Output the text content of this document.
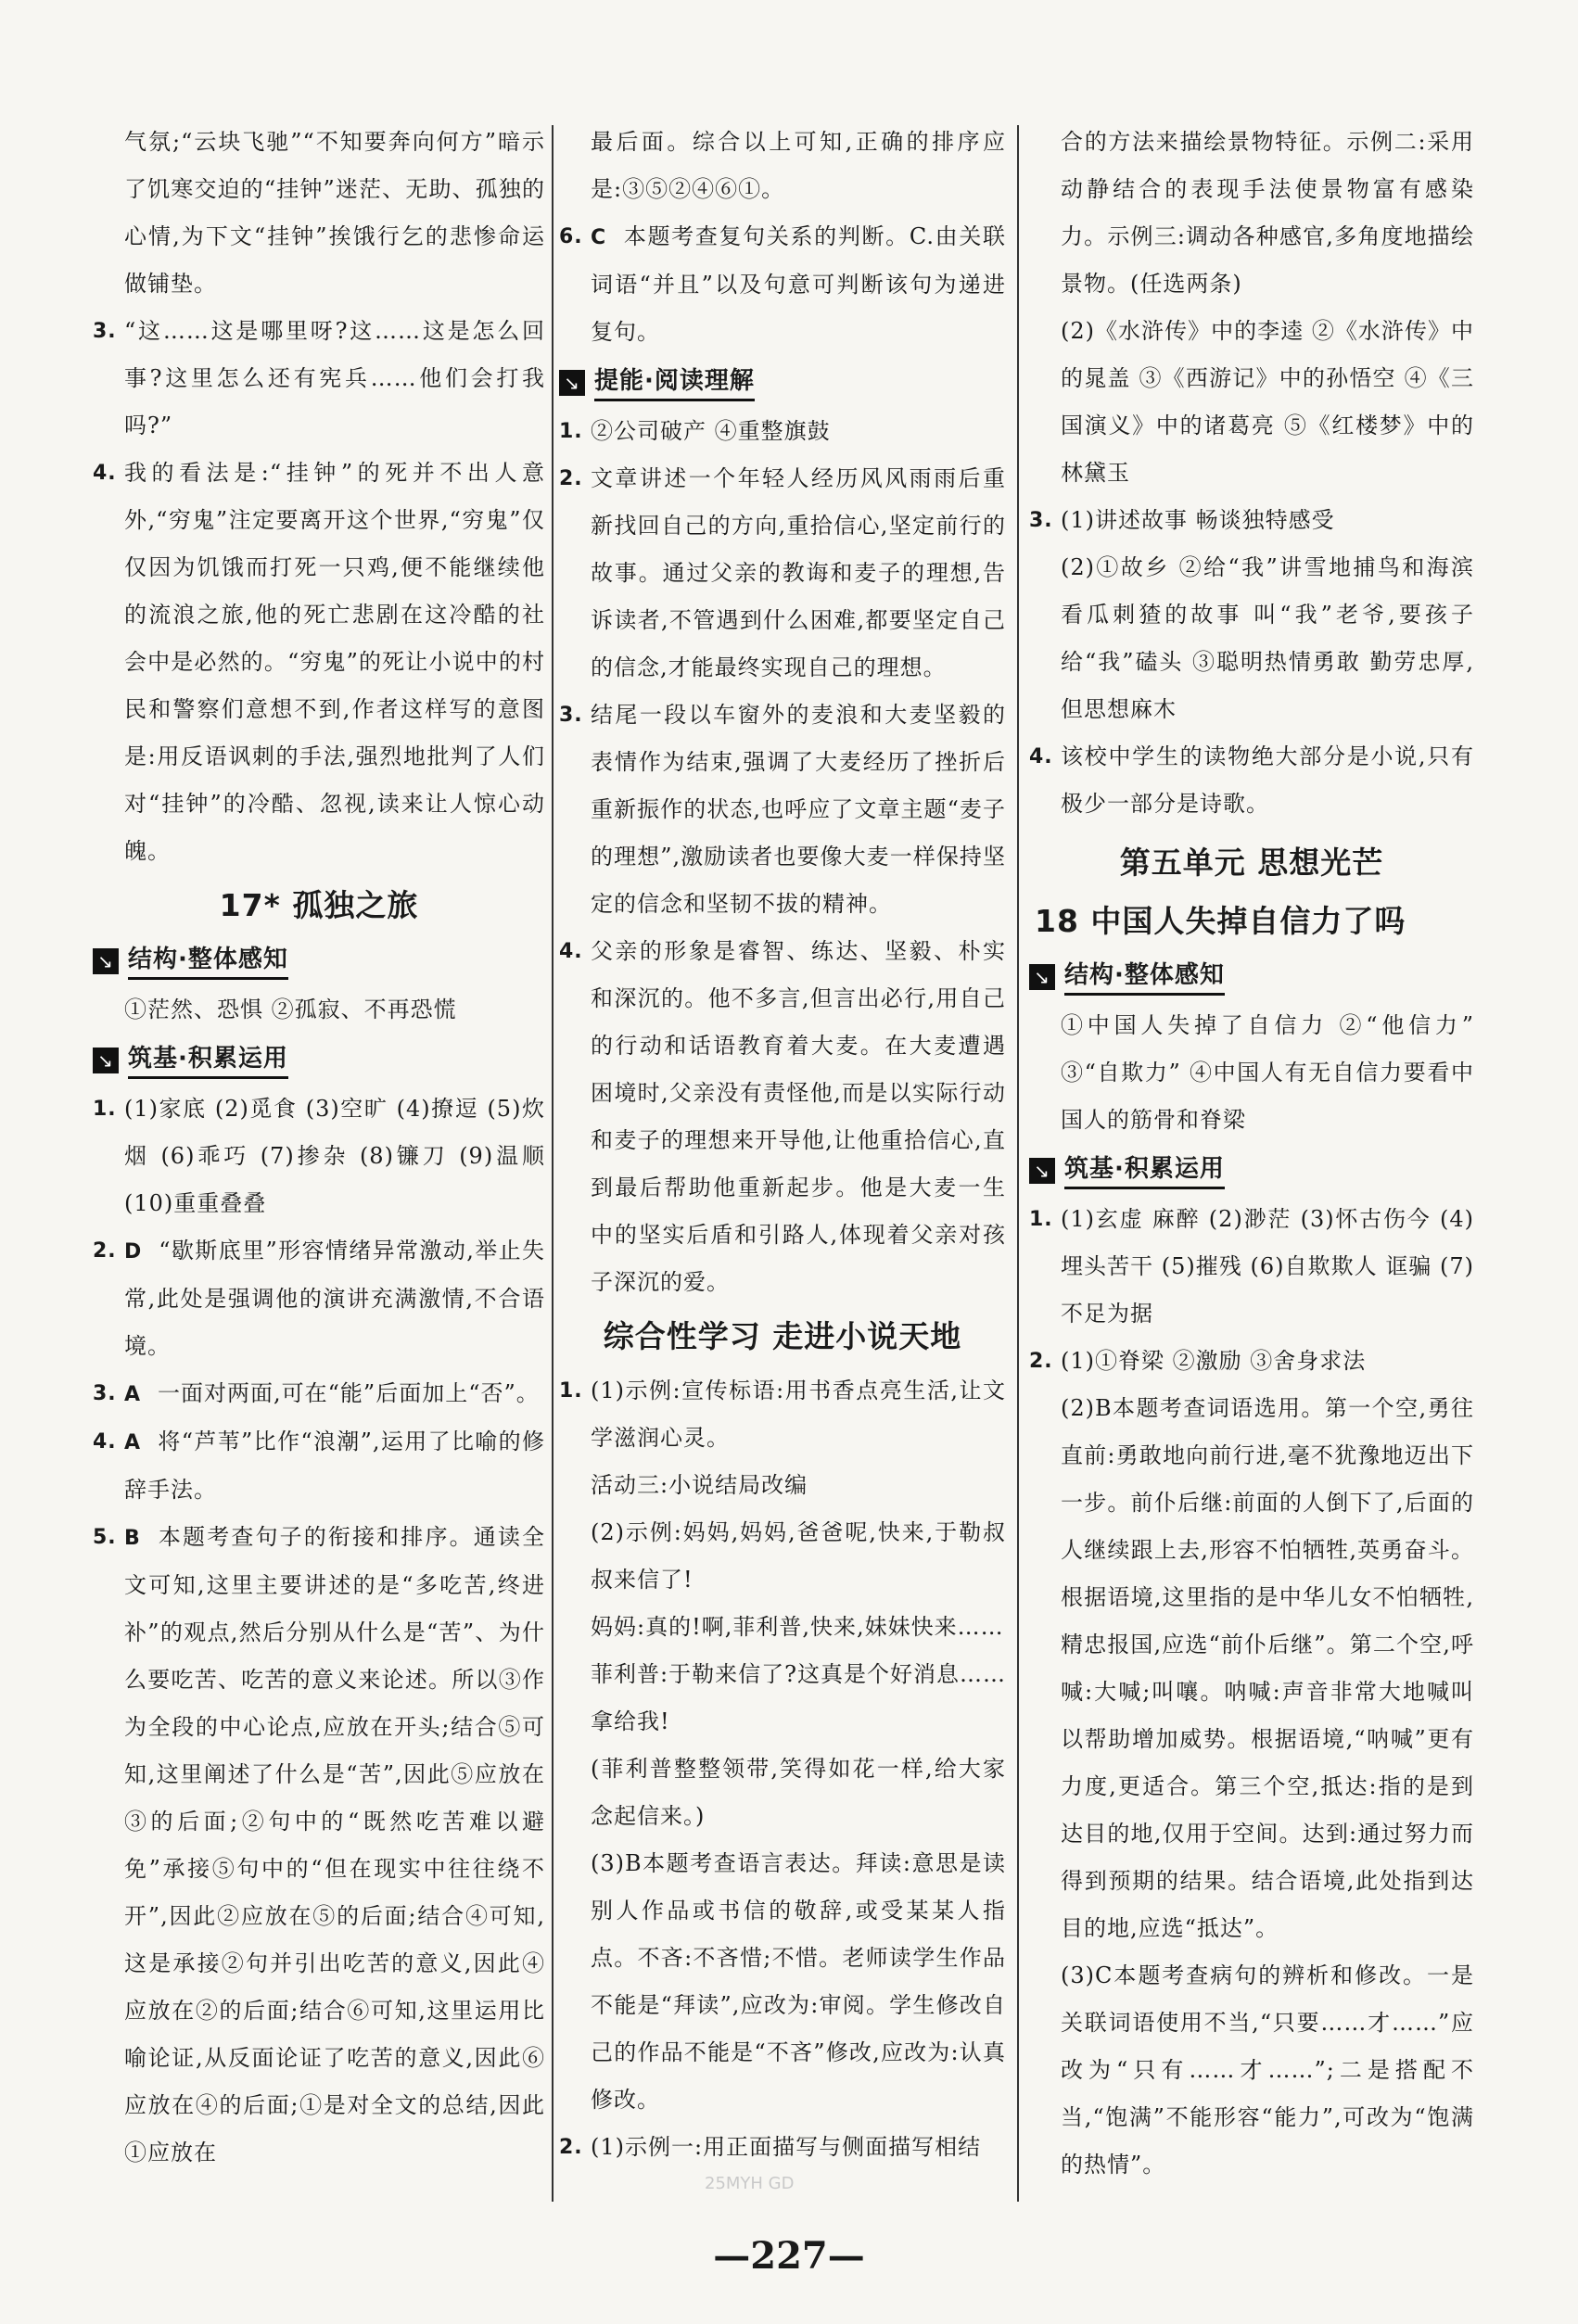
气氛;“云块飞驰”“不知要奔向何方”暗示了饥寒交迫的“挂钟”迷茫、无助、孤独的心情,为下文“挂钟”挨饿行乞的悲惨命运做铺垫。
3. “这……这是哪里呀?这……这是怎么回事?这里怎么还有宪兵……他们会打我吗?”
4. 我的看法是:“挂钟”的死并不出人意外,“穷鬼”注定要离开这个世界,“穷鬼”仅仅因为饥饿而打死一只鸡,便不能继续他的流浪之旅,他的死亡悲剧在这冷酷的社会中是必然的。“穷鬼”的死让小说中的村民和警察们意想不到,作者这样写的意图是:用反语讽刺的手法,强烈地批判了人们对“挂钟”的冷酷、忽视,读来让人惊心动魄。
17* 孤独之旅
↘ 结构·整体感知
①茫然、恐惧 ②孤寂、不再恐慌
↘ 筑基·积累运用
1. (1)家底 (2)觅食 (3)空旷 (4)撩逗 (5)炊烟 (6)乖巧 (7)掺杂 (8)镰刀 (9)温顺 (10)重重叠叠
2. D “歇斯底里”形容情绪异常激动,举止失常,此处是强调他的演讲充满激情,不合语境。
3. A 一面对两面,可在“能”后面加上“否”。
4. A 将“芦苇”比作“浪潮”,运用了比喻的修辞手法。
5. B 本题考查句子的衔接和排序。通读全文可知,这里主要讲述的是“多吃苦,终进补”的观点,然后分别从什么是“苦”、为什么要吃苦、吃苦的意义来论述。所以③作为全段的中心论点,应放在开头;结合⑤可知,这里阐述了什么是“苦”,因此⑤应放在③的后面;②句中的“既然吃苦难以避免”承接⑤句中的“但在现实中往往绕不开”,因此②应放在⑤的后面;结合④可知,这是承接②句并引出吃苦的意义,因此④应放在②的后面;结合⑥可知,这里运用比喻论证,从反面论证了吃苦的意义,因此⑥应放在④的后面;①是对全文的总结,因此①应放在
最后面。综合以上可知,正确的排序应是:③⑤②④⑥①。
6. C 本题考查复句关系的判断。C.由关联词语“并且”以及句意可判断该句为递进复句。
↘ 提能·阅读理解
1. ②公司破产 ④重整旗鼓
2. 文章讲述一个年轻人经历风风雨雨后重新找回自己的方向,重拾信心,坚定前行的故事。通过父亲的教诲和麦子的理想,告诉读者,不管遇到什么困难,都要坚定自己的信念,才能最终实现自己的理想。
3. 结尾一段以车窗外的麦浪和大麦坚毅的表情作为结束,强调了大麦经历了挫折后重新振作的状态,也呼应了文章主题“麦子的理想”,激励读者也要像大麦一样保持坚定的信念和坚韧不拔的精神。
4. 父亲的形象是睿智、练达、坚毅、朴实和深沉的。他不多言,但言出必行,用自己的行动和话语教育着大麦。在大麦遭遇困境时,父亲没有责怪他,而是以实际行动和麦子的理想来开导他,让他重拾信心,直到最后帮助他重新起步。他是大麦一生中的坚实后盾和引路人,体现着父亲对孩子深沉的爱。
综合性学习 走进小说天地
1. (1)示例:宣传标语:用书香点亮生活,让文学滋润心灵。
活动三:小说结局改编
(2)示例:妈妈,妈妈,爸爸呢,快来,于勒叔叔来信了!
妈妈:真的!啊,菲利普,快来,妹妹快来……
菲利普:于勒来信了?这真是个好消息……拿给我!
(菲利普整整领带,笑得如花一样,给大家念起信来。)
(3)B本题考查语言表达。拜读:意思是读别人作品或书信的敬辞,或受某某人指点。不吝:不吝惜;不惜。老师读学生作品不能是“拜读”,应改为:审阅。学生修改自己的作品不能是“不吝”修改,应改为:认真修改。
2. (1)示例一:用正面描写与侧面描写相结
合的方法来描绘景物特征。示例二:采用动静结合的表现手法使景物富有感染力。示例三:调动各种感官,多角度地描绘景物。(任选两条)
(2)《水浒传》中的李逵 ②《水浒传》中的晁盖 ③《西游记》中的孙悟空 ④《三国演义》中的诸葛亮 ⑤《红楼梦》中的林黛玉
3. (1)讲述故事 畅谈独特感受
(2)①故乡 ②给“我”讲雪地捕鸟和海滨看瓜刺猹的故事 叫“我”老爷,要孩子给“我”磕头 ③聪明热情勇敢 勤劳忠厚,但思想麻木
4. 该校中学生的读物绝大部分是小说,只有极少一部分是诗歌。
第五单元 思想光芒
18 中国人失掉自信力了吗
↘ 结构·整体感知
①中国人失掉了自信力 ②“他信力” ③“自欺力” ④中国人有无自信力要看中国人的筋骨和脊梁
↘ 筑基·积累运用
1. (1)玄虚 麻醉 (2)渺茫 (3)怀古伤今 (4)埋头苦干 (5)摧残 (6)自欺欺人 诓骗 (7)不足为据
2. (1)①脊梁 ②激励 ③舍身求法
(2)B本题考查词语选用。第一个空,勇往直前:勇敢地向前行进,毫不犹豫地迈出下一步。前仆后继:前面的人倒下了,后面的人继续跟上去,形容不怕牺牲,英勇奋斗。根据语境,这里指的是中华儿女不怕牺牲,精忠报国,应选“前仆后继”。第二个空,呼喊:大喊;叫嚷。呐喊:声音非常大地喊叫以帮助增加威势。根据语境,“呐喊”更有力度,更适合。第三个空,抵达:指的是到达目的地,仅用于空间。达到:通过努力而得到预期的结果。结合语境,此处指到达目的地,应选“抵达”。
(3)C本题考查病句的辨析和修改。一是关联词语使用不当,“只要……才……”应改为“只有……才……”;二是搭配不当,“饱满”不能形容“能力”,可改为“饱满的热情”。
25MYH GD
—227—
